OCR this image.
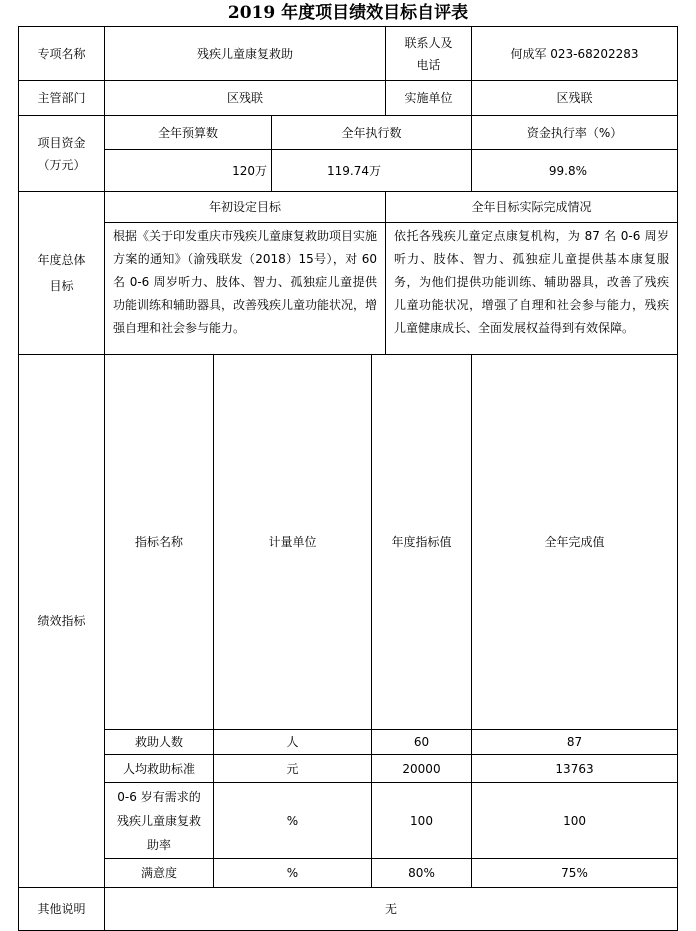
2019 年度项目绩效目标自评表
专项名称	残疾儿童康复救助				联系人及电话	何成军 023-68202283	
主管部门	区残联				实施单位	区残联	
项目资金（万元）	全年预算数		全年执行数			资金执行率（%）	
	120万		119.74万			99.8%	
年度总体目标	年初设定目标				全年目标实际完成情况		
	根据《关于印发重庆市残疾儿童康复救助项目实施方案的通知》（渝残联发（2018）15号），对 60 名 0-6 周岁听力、肢体、智力、孤独症儿童提供功能训练和辅助器具，改善残疾儿童功能状况，增强自理和社会参与能力。				依托各残疾儿童定点康复机构，为 87 名 0-6 周岁听力、肢体、智力、孤独症儿童提供基本康复服务，为他们提供功能训练、辅助器具，改善了残疾儿童功能状况，增强了自理和社会参与能力，残疾儿童健康成长、全面发展权益得到有效保障。		
绩效指标	指标名称	计量单位		年度指标值		全年完成值	
	救助人数	人		60		87	
	人均救助标准	元		20000		13763	
	0-6 岁有需求的残疾儿童康复救助率	%		100		100	
	满意度	%		80%		75%	
其他说明	无						
